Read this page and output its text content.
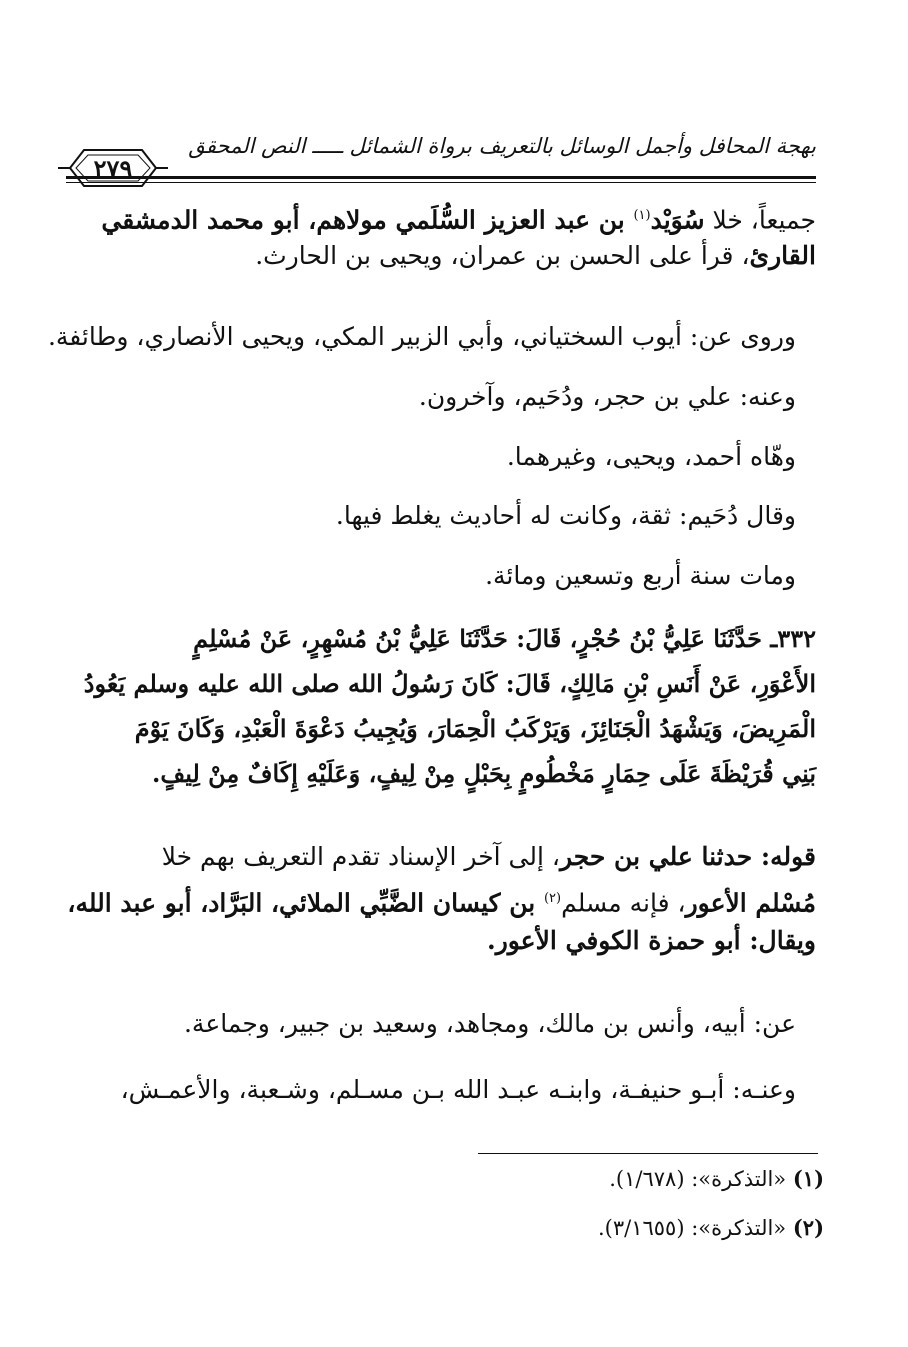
بهجة المحافل وأجمل الوسائل بالتعريف برواة الشمائل ـــــ النص المحقق
٢٧٩
جميعاً، خلا سُوَيْد$^{(١)}$ بن عبد العزيز السُّلَمي مولاهم، أبو محمد الدمشقي
القارئ، قرأ على الحسن بن عمران، ويحيى بن الحارث.
وروى عن: أيوب السختياني، وأبي الزبير المكي، ويحيى الأنصاري، وطائفة.
وعنه: علي بن حجر، ودُحَيم، وآخرون.
وهّاه أحمد، ويحيى، وغيرهما.
وقال دُحَيم: ثقة، وكانت له أحاديث يغلط فيها.
ومات سنة أربع وتسعين ومائة.
٣٣٢ـ حَدَّثَنَا عَلِيُّ بْنُ حُجْرٍ، قَالَ: حَدَّثَنَا عَلِيُّ بْنُ مُسْهِرٍ، عَنْ مُسْلِمٍ
الأَعْوَرِ، عَنْ أَنَسِ بْنِ مَالِكٍ، قَالَ: كَانَ رَسُولُ الله صلى الله عليه وسلم يَعُودُ
الْمَرِيضَ، وَيَشْهَدُ الْجَنَائِزَ، وَيَرْكَبُ الْحِمَارَ، وَيُجِيبُ دَعْوَةَ الْعَبْدِ، وَكَانَ يَوْمَ
بَنِي قُرَيْظَةَ عَلَى حِمَارٍ مَخْطُومٍ بِحَبْلٍ مِنْ لِيفٍ، وَعَلَيْهِ إِكَافٌ مِنْ لِيفٍ.
قوله: حدثنا علي بن حجر، إلى آخر الإسناد تقدم التعريف بهم خلا
مُسْلم الأعور، فإنه مسلم$^{(٢)}$ بن كيسان الضَّبِّي الملائي، البَرَّاد، أبو عبد الله،
ويقال: أبو حمزة الكوفي الأعور.
عن: أبيه، وأنس بن مالك، ومجاهد، وسعيد بن جبير، وجماعة.
وعنـه: أبـو حنيفـة، وابنـه عبـد الله بـن مسـلم، وشـعبة، والأعمـش،
(١) «التذكرة»: (١/٦٧٨).
(٢) «التذكرة»: (٣/١٦٥٥).
